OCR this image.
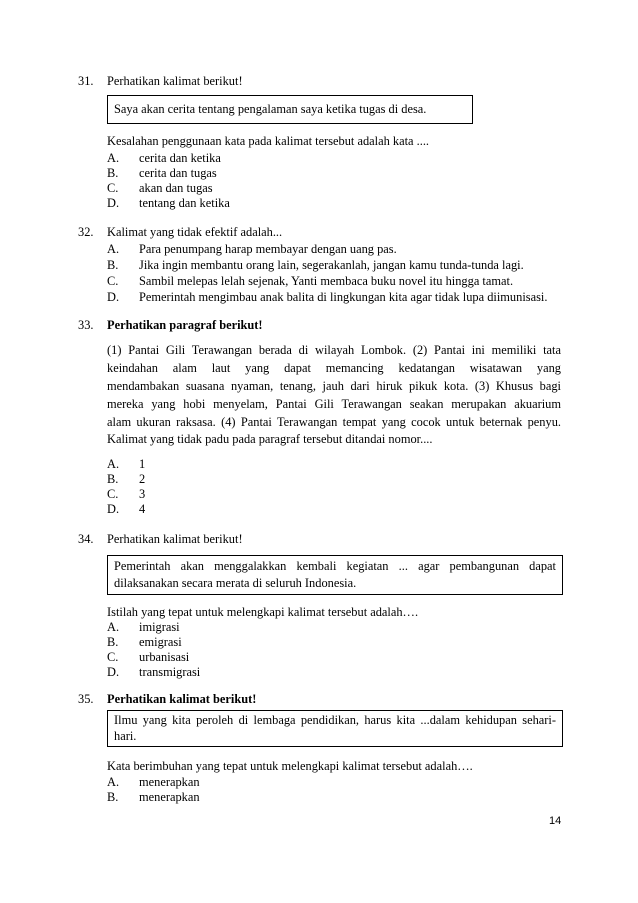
31. Perhatikan kalimat berikut!
Saya akan cerita tentang pengalaman saya ketika tugas di desa.
Kesalahan penggunaan kata pada kalimat tersebut adalah kata ....
A. cerita dan ketika
B. cerita dan tugas
C. akan dan tugas
D. tentang dan ketika
32. Kalimat yang tidak efektif adalah...
A. Para penumpang harap membayar dengan uang pas.
B. Jika ingin membantu orang lain, segerakanlah, jangan kamu tunda-tunda lagi.
C. Sambil melepas lelah sejenak, Yanti membaca buku novel itu hingga tamat.
D. Pemerintah mengimbau anak balita di lingkungan kita agar tidak lupa diimunisasi.
33. Perhatikan paragraf berikut!
(1) Pantai Gili Terawangan berada di wilayah Lombok. (2) Pantai ini memiliki tata
keindahan alam laut yang dapat memancing kedatangan wisatawan yang
mendambakan suasana nyaman, tenang, jauh dari hiruk pikuk kota. (3) Khusus bagi
mereka yang hobi menyelam, Pantai Gili Terawangan seakan merupakan akuarium
alam ukuran raksasa. (4) Pantai Terawangan tempat yang cocok untuk beternak penyu.
Kalimat yang tidak padu pada paragraf tersebut ditandai nomor....
A. 1
B. 2
C. 3
D. 4
34. Perhatikan kalimat berikut!
Pemerintah akan menggalakkan kembali kegiatan ... agar pembangunan dapat
dilaksanakan secara merata di seluruh Indonesia.
Istilah yang tepat untuk melengkapi kalimat tersebut adalah….
A. imigrasi
B. emigrasi
C. urbanisasi
D. transmigrasi
35. Perhatikan kalimat berikut!
Ilmu yang kita peroleh di lembaga pendidikan, harus kita ...dalam kehidupan sehari-
hari.
Kata berimbuhan yang tepat untuk melengkapi kalimat tersebut adalah….
A. menerapkan
B. menerapkan
14
